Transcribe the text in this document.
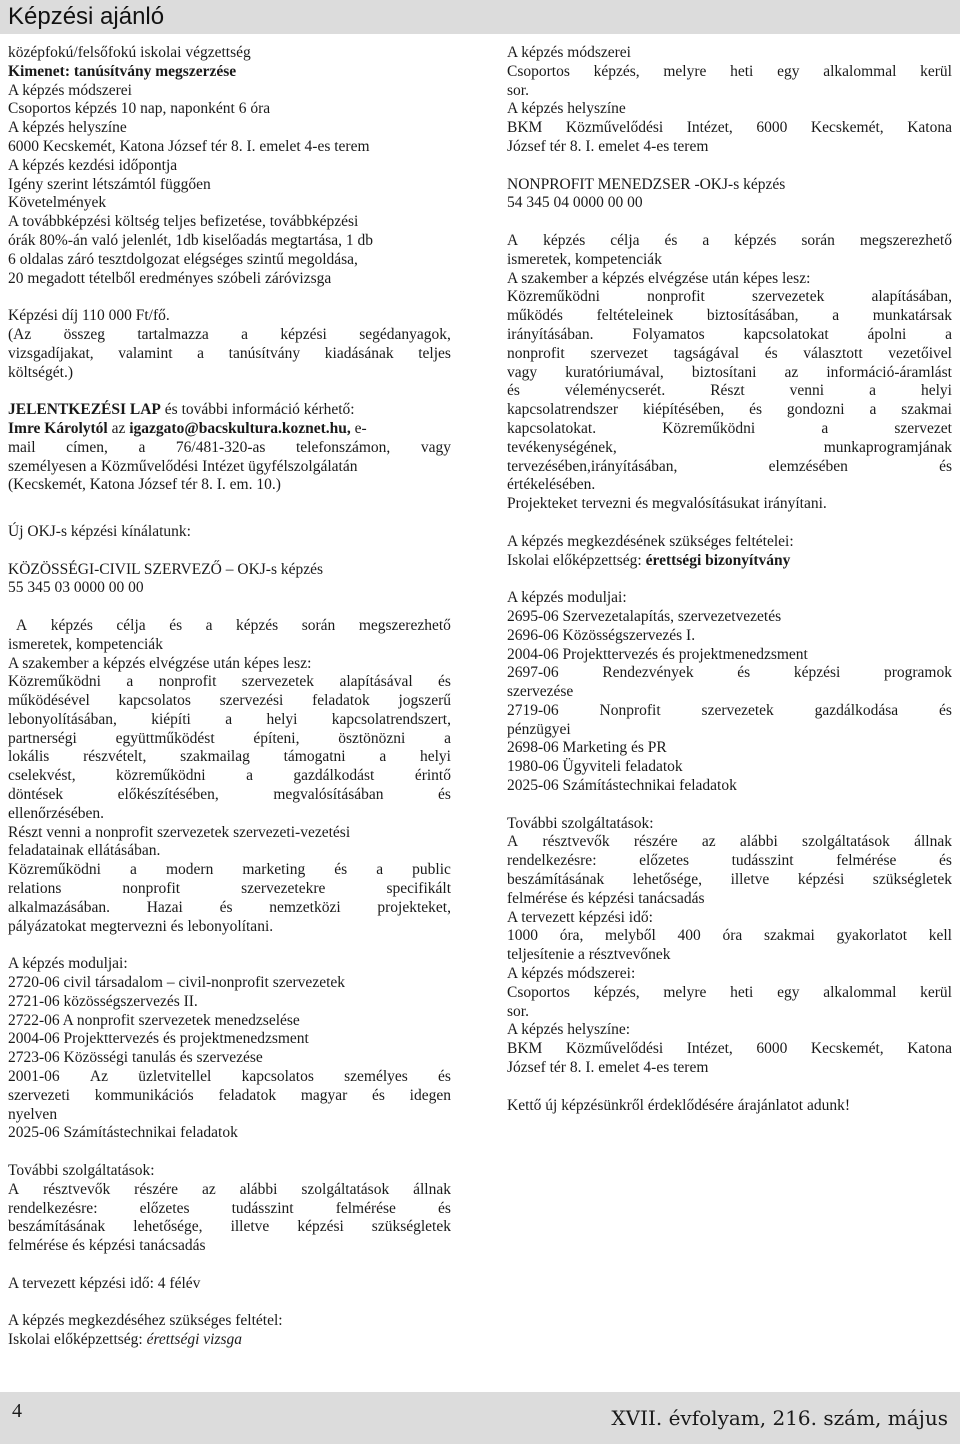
Képzési ajánló
középfokú/felsőfokú iskolai végzettség
Kimenet: tanúsítvány megszerzése
A képzés módszerei
Csoportos képzés 10 nap, naponként 6 óra
A képzés helyszíne
6000 Kecskemét, Katona József tér 8. I. emelet 4-es terem
A képzés kezdési időpontja
Igény szerint létszámtól függően
Követelmények
A továbbképzési költség teljes befizetése, továbbképzési
órák 80%-án való jelenlét, 1db kiselőadás megtartása, 1 db
6 oldalas záró tesztdolgozat elégséges szintű megoldása,
20 megadott tételből eredményes szóbeli záróvizsga
Képzési díj 110 000 Ft/fő.
(Az összeg tartalmazza a képzési segédanyagok,
vizsgadíjakat, valamint a tanúsítvány kiadásának teljes
költségét.)
JELENTKEZÉSI LAP és további információ kérhető:
Imre Károlytól az igazgato@bacskultura.koznet.hu, e-
mail címen, a 76/481-320-as telefonszámon, vagy
személyesen a Közművelődési Intézet ügyfélszolgálatán
(Kecskemét, Katona József tér 8. I. em. 10.)
Új OKJ-s képzési kínálatunk:
KÖZÖSSÉGI-CIVIL SZERVEZŐ – OKJ-s képzés
55 345 03 0000 00 00
A képzés célja és a képzés során megszerezhető
ismeretek, kompetenciák
A szakember a képzés elvégzése után képes lesz:
Közreműködni a nonprofit szervezetek alapításával és
működésével kapcsolatos szervezési feladatok jogszerű
lebonyolításában, kiépíti a helyi kapcsolatrendszert,
partnerségi	együttműködést	építeni,	ösztönözni	a
lokális részvételt, szakmailag támogatni a helyi
cselekvést,	közreműködni	a	gazdálkodást	érintő
döntések	előkészítésében,	megvalósításában	és
ellenőrzésében.
Részt venni a nonprofit szervezetek szervezeti-vezetési
feladatainak ellátásában.
Közreműködni a modern marketing és a public
relations	nonprofit	szervezetekre	specifikált
alkalmazásában. Hazai és nemzetközi projekteket,
pályázatokat megtervezni és lebonyolítani.
A képzés moduljai:
2720-06 civil társadalom – civil-nonprofit szervezetek
2721-06 közösségszervezés II.
2722-06 A nonprofit szervezetek menedzselése
2004-06 Projekttervezés és projektmenedzsment
2723-06 Közösségi tanulás és szervezése
2001-06 Az üzletvitellel kapcsolatos személyes és
szervezeti kommunikációs feladatok magyar és idegen
nyelven
2025-06 Számítástechnikai feladatok
További szolgáltatások:
A résztvevők részére az alábbi szolgáltatások állnak
rendelkezésre:	előzetes	tudásszint	felmérése	és
beszámításának lehetősége, illetve képzési szükségletek
felmérése és képzési tanácsadás
A tervezett képzési idő: 4 félév
A képzés megkezdéséhez szükséges feltétel:
Iskolai előképzettség: érettségi vizsga
A képzés módszerei
Csoportos képzés, melyre heti egy alkalommal kerül
sor.
A képzés helyszíne
BKM Közművelődési Intézet, 6000 Kecskemét, Katona
József tér 8. I. emelet 4-es terem
NONPROFIT MENEDZSER -OKJ-s képzés
54 345 04 0000 00 00
A képzés célja és a képzés során megszerezhető
ismeretek, kompetenciák
A szakember a képzés elvégzése után képes lesz:
Közreműködni	nonprofit	szervezetek	alapításában,
működés feltételeinek biztosításában, a munkatársak
irányításában.	Folyamatos	kapcsolatokat	ápolni	a
nonprofit szervezet tagságával és választott vezetőivel
vagy kuratóriumával, biztosítani az információ-áramlást
és	véleménycserét.	Részt	venni	a	helyi
kapcsolatrendszer kiépítésében, és gondozni a szakmai
kapcsolatokat.	Közreműködni	a	szervezet
tevékenységének,	munkaprogramjának
tervezésében,irányításában,	elemzésében	és
értékelésében.
Projekteket tervezni és megvalósításukat irányítani.
A képzés megkezdésének szükséges feltételei:
Iskolai előképzettség: érettségi bizonyítvány
A képzés moduljai:
2695-06 Szervezetalapítás, szervezetvezetés
2696-06 Közösségszervezés I.
2004-06 Projekttervezés és projektmenedzsment
2697-06	Rendezvények	és	képzési	programok
szervezése
2719-06	Nonprofit	szervezetek	gazdálkodása	és
pénzügyei
2698-06 Marketing és PR
1980-06 Ügyviteli feladatok
2025-06 Számítástechnikai feladatok
További szolgáltatások:
A résztvevők részére az alábbi szolgáltatások állnak
rendelkezésre:	előzetes	tudásszint	felmérése	és
beszámításának lehetősége, illetve képzési szükségletek
felmérése és képzési tanácsadás
A tervezett képzési idő:
1000 óra, melyből 400 óra szakmai gyakorlatot kell
teljesítenie a résztvevőnek
A képzés módszerei:
Csoportos képzés, melyre heti egy alkalommal kerül
sor.
A képzés helyszíne:
BKM Közművelődési Intézet, 6000 Kecskemét, Katona
József tér 8. I. emelet 4-es terem
Kettő új képzésünkről érdeklődésére árajánlatot adunk!
4	XVII. évfolyam, 216. szám, május
